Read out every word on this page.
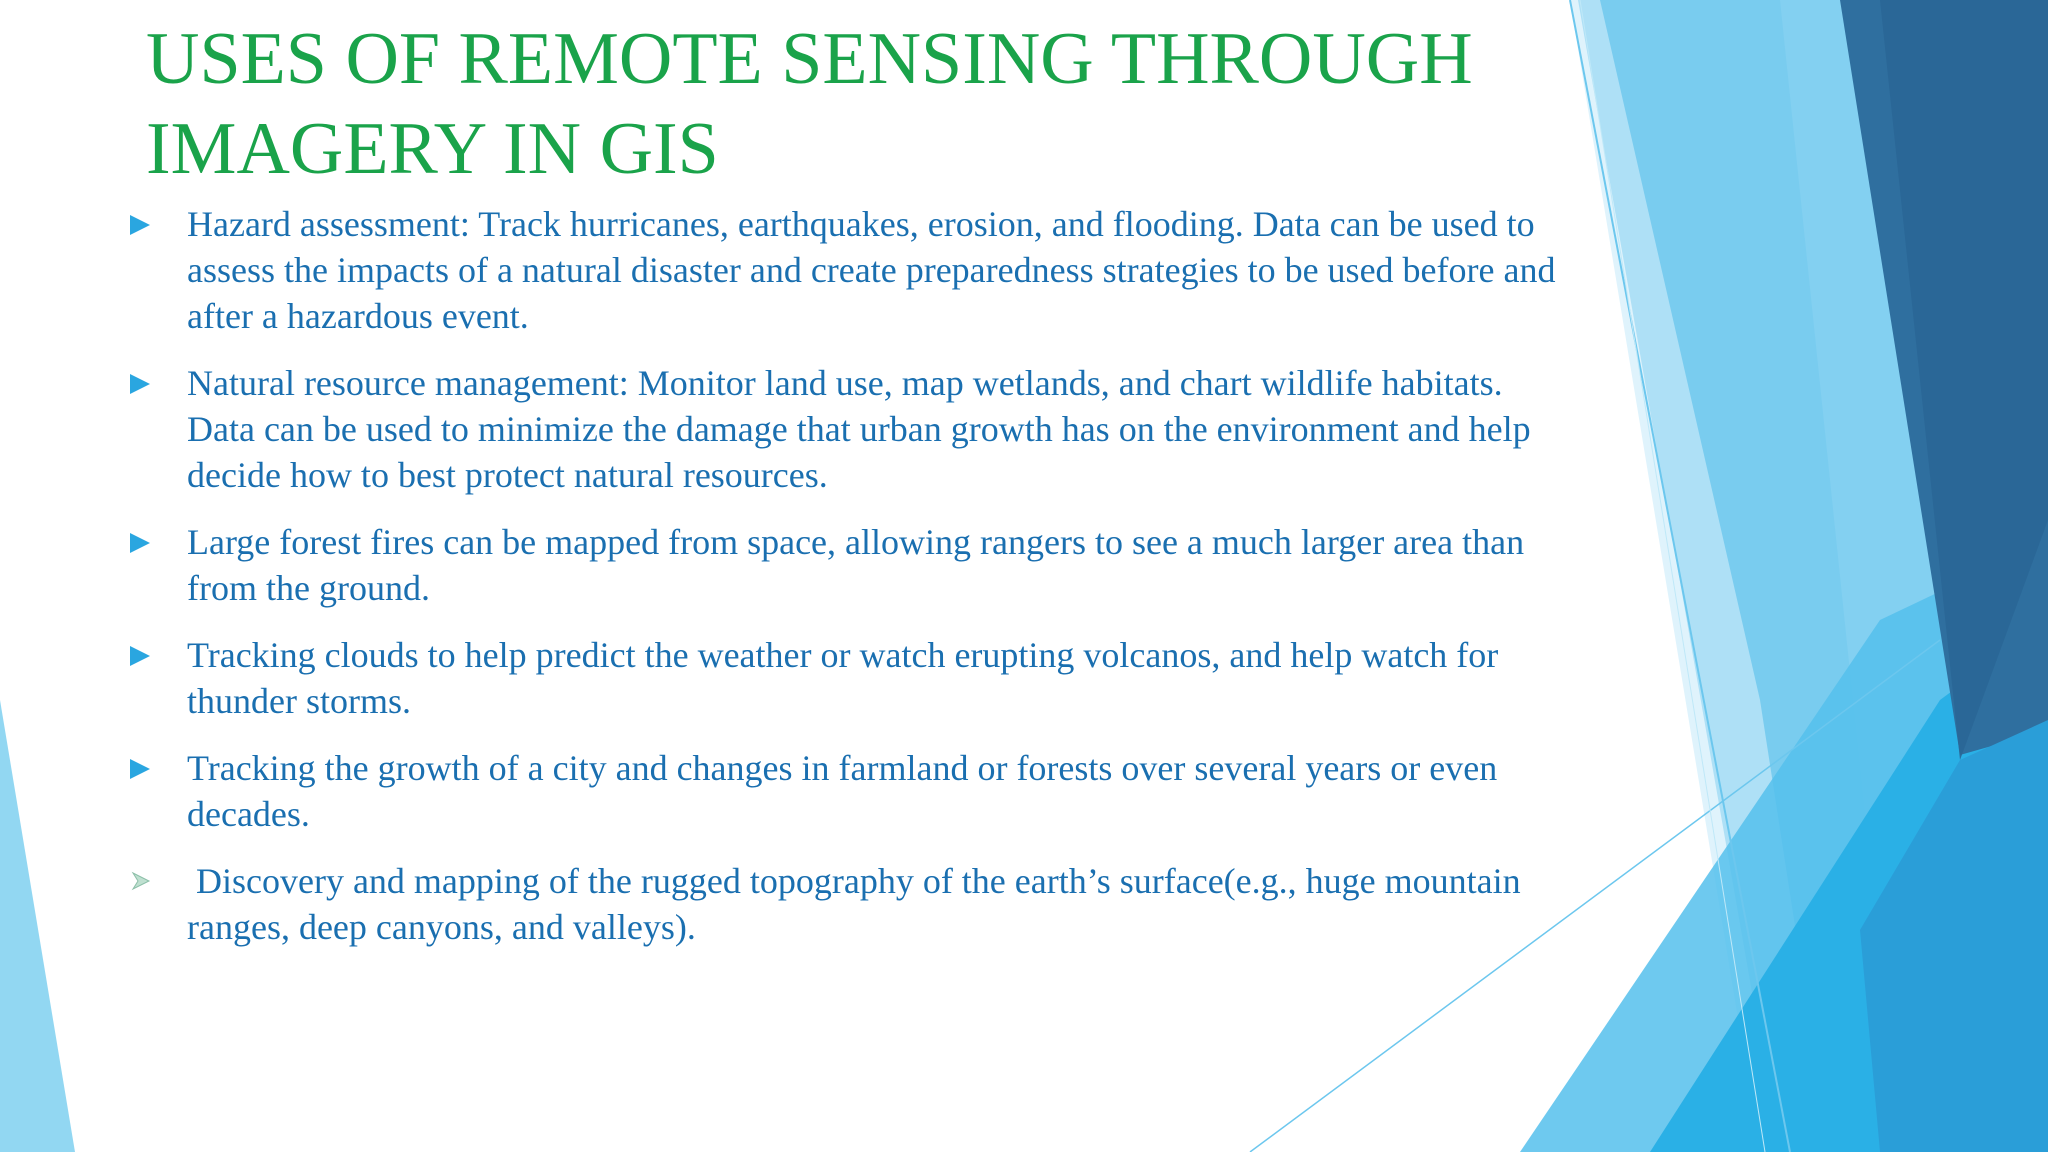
USES OF REMOTE SENSING THROUGH
IMAGERY IN GIS
Hazard assessment: Track hurricanes, earthquakes, erosion, and flooding. Data can be used to assess the impacts of a natural disaster and create preparedness strategies to be used before and after a hazardous event.
Natural resource management: Monitor land use, map wetlands, and chart wildlife habitats. Data can be used to minimize the damage that urban growth has on the environment and help decide how to best protect natural resources.
Large forest fires can be mapped from space, allowing rangers to see a much larger area than from the ground.
Tracking clouds to help predict the weather or watch erupting volcanos, and help watch for thunder storms.
Tracking the growth of a city and changes in farmland or forests over several years or even decades.
Discovery and mapping of the rugged topography of the earth’s surface(e.g., huge mountain ranges, deep canyons, and valleys).
